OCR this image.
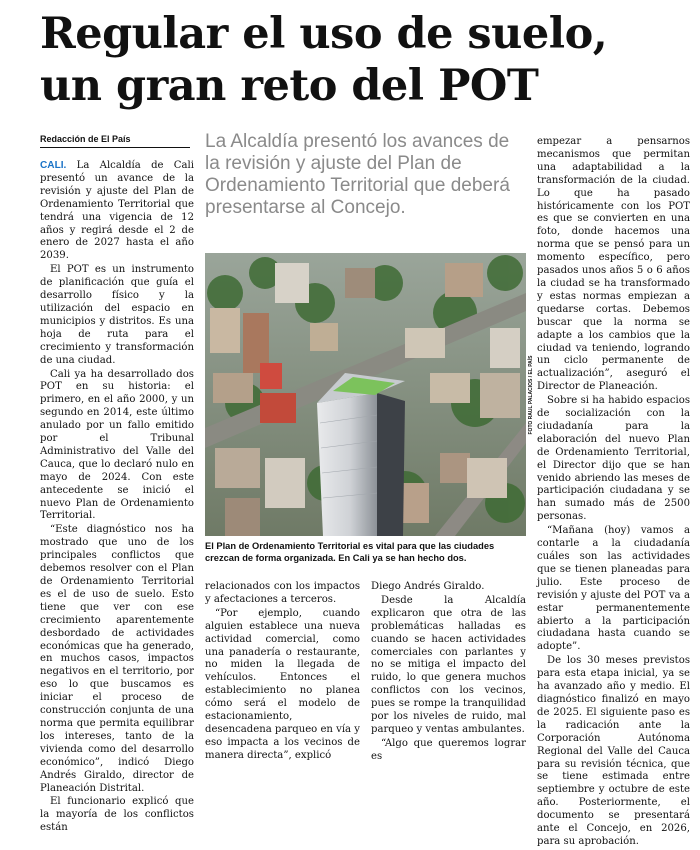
Regular el uso de suelo, un gran reto del POT
Redacción de El País

CALI. La Alcaldía de Cali presentó un avance de la revisión y ajuste del Plan de Ordenamiento Territorial que tendrá una vigencia de 12 años y regirá desde el 2 de enero de 2027 hasta el año 2039.

El POT es un instrumento de planificación que guía el desarrollo físico y la utilización del espacio en municipios y distritos. Es una hoja de ruta para el crecimiento y transformación de una ciudad.

Cali ya ha desarrollado dos POT en su historia: el primero, en el año 2000, y un segundo en 2014, este último anulado por un fallo emitido por el Tribunal Administrativo del Valle del Cauca, que lo declaró nulo en mayo de 2024. Con este antecedente se inició el nuevo Plan de Ordenamiento Territorial.

“Este diagnóstico nos ha mostrado que uno de los principales conflictos que debemos resolver con el Plan de Ordenamiento Territorial es el de uso de suelo. Esto tiene que ver con ese crecimiento aparentemente desbordado de actividades económicas que ha generado, en muchos casos, impactos negativos en el territorio, por eso lo que buscamos es iniciar el proceso de construcción conjunta de una norma que permita equilibrar los intereses, tanto de la vivienda como del desarrollo económico”, indicó Diego Andrés Giraldo, director de Planeación Distrital.

El funcionario explicó que la mayoría de los conflictos están

La Alcaldía presentó los avances de la revisión y ajuste del Plan de Ordenamiento Territorial que deberá presentarse al Concejo.
FOTO RAUL PALACIOS / EL PAÍS
El Plan de Ordenamiento Territorial es vital para que las ciudades crezcan de forma organizada. En Cali ya se han hecho dos.

relacionados con los impactos y afectaciones a terceros.

“Por ejemplo, cuando alguien establece una nueva actividad comercial, como una panadería o restaurante, no miden la llegada de vehículos. Entonces el establecimiento no planea cómo será el modelo de estacionamiento, desencadena parqueo en vía y eso impacta a los vecinos de manera directa”, explicó

Diego Andrés Giraldo.

Desde la Alcaldía explicaron que otra de las problemáticas halladas es cuando se hacen actividades comerciales con parlantes y no se mitiga el impacto del ruido, lo que genera muchos conflictos con los vecinos, pues se rompe la tranquilidad por los niveles de ruido, mal parqueo y ventas ambulantes.

“Algo que queremos lograr es

empezar a pensarnos mecanismos que permitan una adaptabilidad a la transformación de la ciudad. Lo que ha pasado históricamente con los POT es que se convierten en una foto, donde hacemos una norma que se pensó para un momento específico, pero pasados unos años 5 o 6 años la ciudad se ha transformado y estas normas empiezan a quedarse cortas. Debemos buscar que la norma se adapte a los cambios que la ciudad va teniendo, logrando un ciclo permanente de actualización”, aseguró el Director de Planeación.

Sobre si ha habido espacios de socialización con la ciudadanía para la elaboración del nuevo Plan de Ordenamiento Territorial, el Director dijo que se han venido abriendo las meses de participación ciudadana y se han sumado más de 2500 personas.

“Mañana (hoy) vamos a contarle a la ciudadanía cuáles son las actividades que se tienen planeadas para julio. Este proceso de revisión y ajuste del POT va a estar permanentemente abierto a la participación ciudadana hasta cuando se adopte”.

De los 30 meses previstos para esta etapa inicial, ya se ha avanzado año y medio. El diagnóstico finalizó en mayo de 2025. El siguiente paso es la radicación ante la Corporación Autónoma Regional del Valle del Cauca para su revisión técnica, que se tiene estimada entre septiembre y octubre de este año. Posteriormente, el documento se presentará ante el Concejo, en 2026, para su aprobación.
